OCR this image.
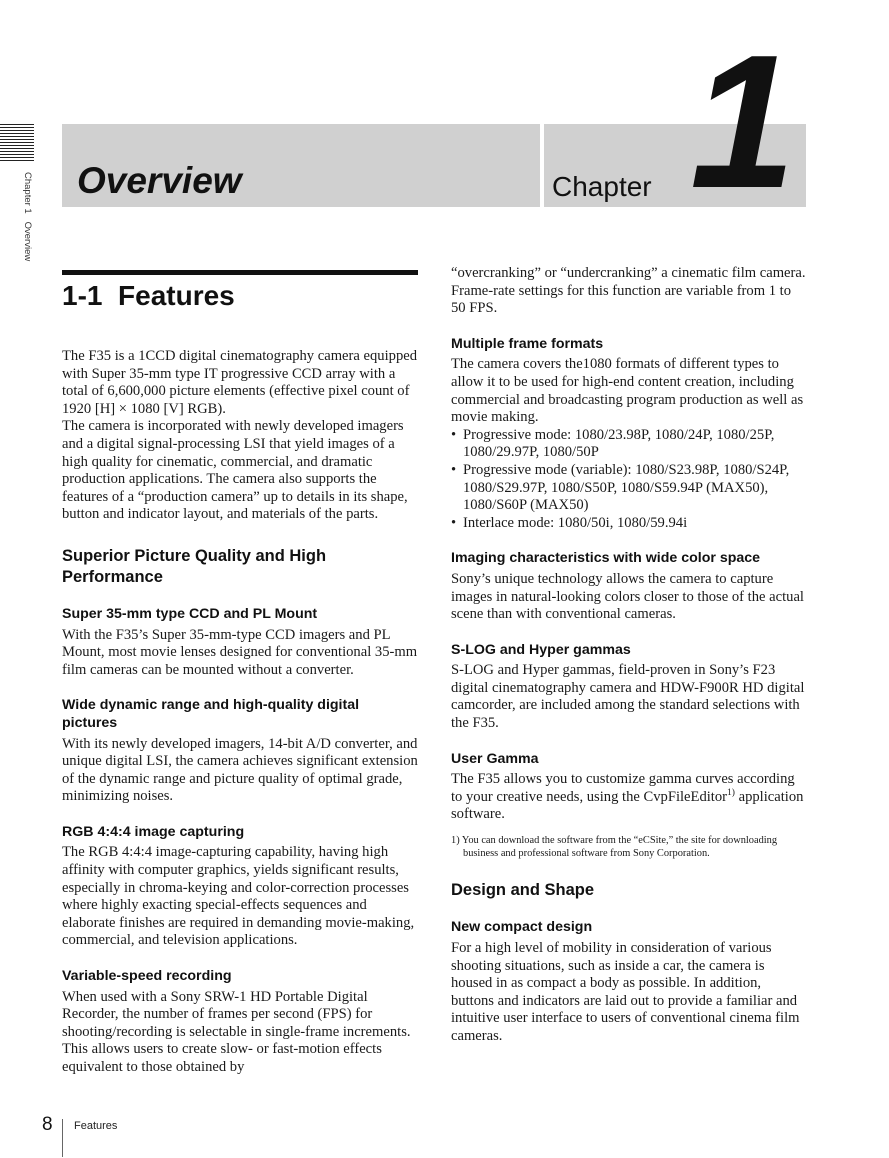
Chapter 1   Overview Overview	Chapter 1
1-1  Features

The F35 is a 1CCD digital cinematography camera equipped with Super 35-mm type IT progressive CCD array with a total of 6,600,000 picture elements (effective pixel count of 1920 [H] × 1080 [V] RGB).

The camera is incorporated with newly developed imagers and a digital signal-processing LSI that yield images of a high quality for cinematic, commercial, and dramatic production applications. The camera also supports the features of a “production camera” up to details in its shape, button and indicator layout, and materials of the parts.

Superior Picture Quality and High Performance
Super 35-mm type CCD and PL Mount

With the F35’s Super 35-mm-type CCD imagers and PL Mount, most movie lenses designed for conventional 35-mm film cameras can be mounted without a converter.

Wide dynamic range and high-quality digital pictures

With its newly developed imagers, 14-bit A/D converter, and unique digital LSI, the camera achieves significant extension of the dynamic range and picture quality of optimal grade, minimizing noises.

RGB 4:4:4 image capturing

The RGB 4:4:4 image-capturing capability, having high affinity with computer graphics, yields significant results, especially in chroma-keying and color-correction processes where highly exacting special-effects sequences and elaborate finishes are required in demanding movie-making, commercial, and television applications.

Variable-speed recording

When used with a Sony SRW-1 HD Portable Digital Recorder, the number of frames per second (FPS) for shooting/recording is selectable in single-frame increments. This allows users to create slow- or fast-motion effects equivalent to those obtained by

“overcranking” or “undercranking” a cinematic film camera.

Frame-rate settings for this function are variable from 1 to 50 FPS.

Multiple frame formats

The camera covers the1080 formats of different types to allow it to be used for high-end content creation, including commercial and broadcasting program production as well as movie making.

• Progressive mode: 1080/23.98P, 1080/24P, 1080/25P, 1080/29.97P, 1080/50P
• Progressive mode (variable): 1080/S23.98P, 1080/S24P, 1080/S29.97P, 1080/S50P, 1080/S59.94P (MAX50), 1080/S60P (MAX50)
• Interlace mode: 1080/50i, 1080/59.94i
Imaging characteristics with wide color space

Sony’s unique technology allows the camera to capture images in natural-looking colors closer to those of the actual scene than with conventional cameras.

S-LOG and Hyper gammas

S-LOG and Hyper gammas, field-proven in Sony’s F23 digital cinematography camera and HDW-F900R HD digital camcorder, are included among the standard selections with the F35.

User Gamma

The F35 allows you to customize gamma curves according to your creative needs, using the CvpFileEditor$^{1)}$ application software.

1) You can download the software from the “eCSite,” the site for downloading business and professional software from Sony Corporation.
Design and Shape
New compact design

For a high level of mobility in consideration of various shooting situations, such as inside a car, the camera is housed in as compact a body as possible. In addition, buttons and indicators are laid out to provide a familiar and intuitive user interface to users of conventional cinema film cameras.

8 Features
